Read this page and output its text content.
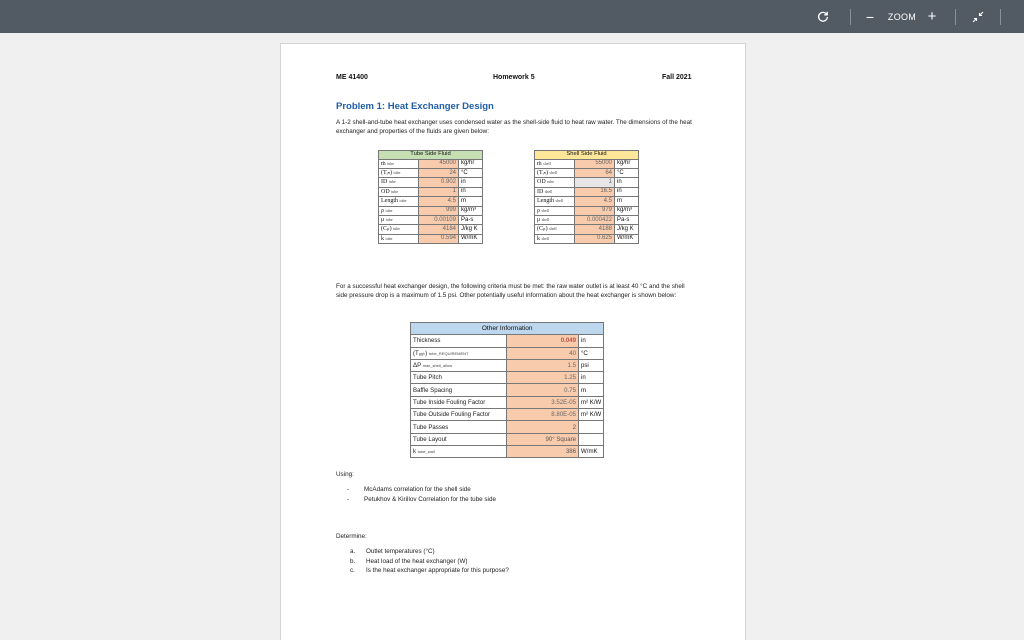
−	ZOOM +
ME 41400	Homework 5	Fall 2021
Problem 1: Heat Exchanger Design
A 1-2 shell-and-tube heat exchanger uses condensed water as the shell-side fluid to heat raw water. The dimensions of the heat exchanger and properties of the fluids are given below:
Tube Side Fluid		
ṁ tube	45000	kg/hr
(Tᵢₙ) tube	24	°C
ID tube	0.902	in
OD tube	1	in
Length tube	4.5	m
ρ tube	999	kg/m³
μ tube	0.00109	Pa-s
(Cₚ) tube	4184	J/kg K
k tube	0.594	W/mK
Shell Side Fluid		
ṁ shell	55000	kg/hr
(Tᵢₙ) shell	64	°C
OD tube	1	in
ID shell	16.5	in
Length shell	4.5	m
ρ shell	979	kg/m³
μ shell	0.000422	Pa-s
(Cₚ) shell	4188	J/kg K
k shell	0.625	W/mK
For a successful heat exchanger design, the following criteria must be met: the raw water outlet is at least 40 °C and the shell side pressure drop is a maximum of 1.5 psi. Other potentially useful information about the heat exchanger is shown below:
Other Information		
Thickness	0.049	in
(Tₒᵤₜ) tube_REQUIREMENT	40	°C
ΔP max_shell_allow	1.5	psi
Tube Pitch	1.25	in
Baffle Spacing	0.75	m
Tube Inside Fouling Factor	3.52E-05	m² K/W
Tube Outside Fouling Factor	8.80E-05	m² K/W
Tube Passes	2	
Tube Layout	90° Square	
k tube_wall	386	W/mK
Using:
- McAdams correlation for the shell side
- Petukhov & Kirillov Correlation for the tube side
Determine:
a. Outlet temperatures (°C)
b. Heat load of the heat exchanger (W)
c. Is the heat exchanger appropriate for this purpose?
